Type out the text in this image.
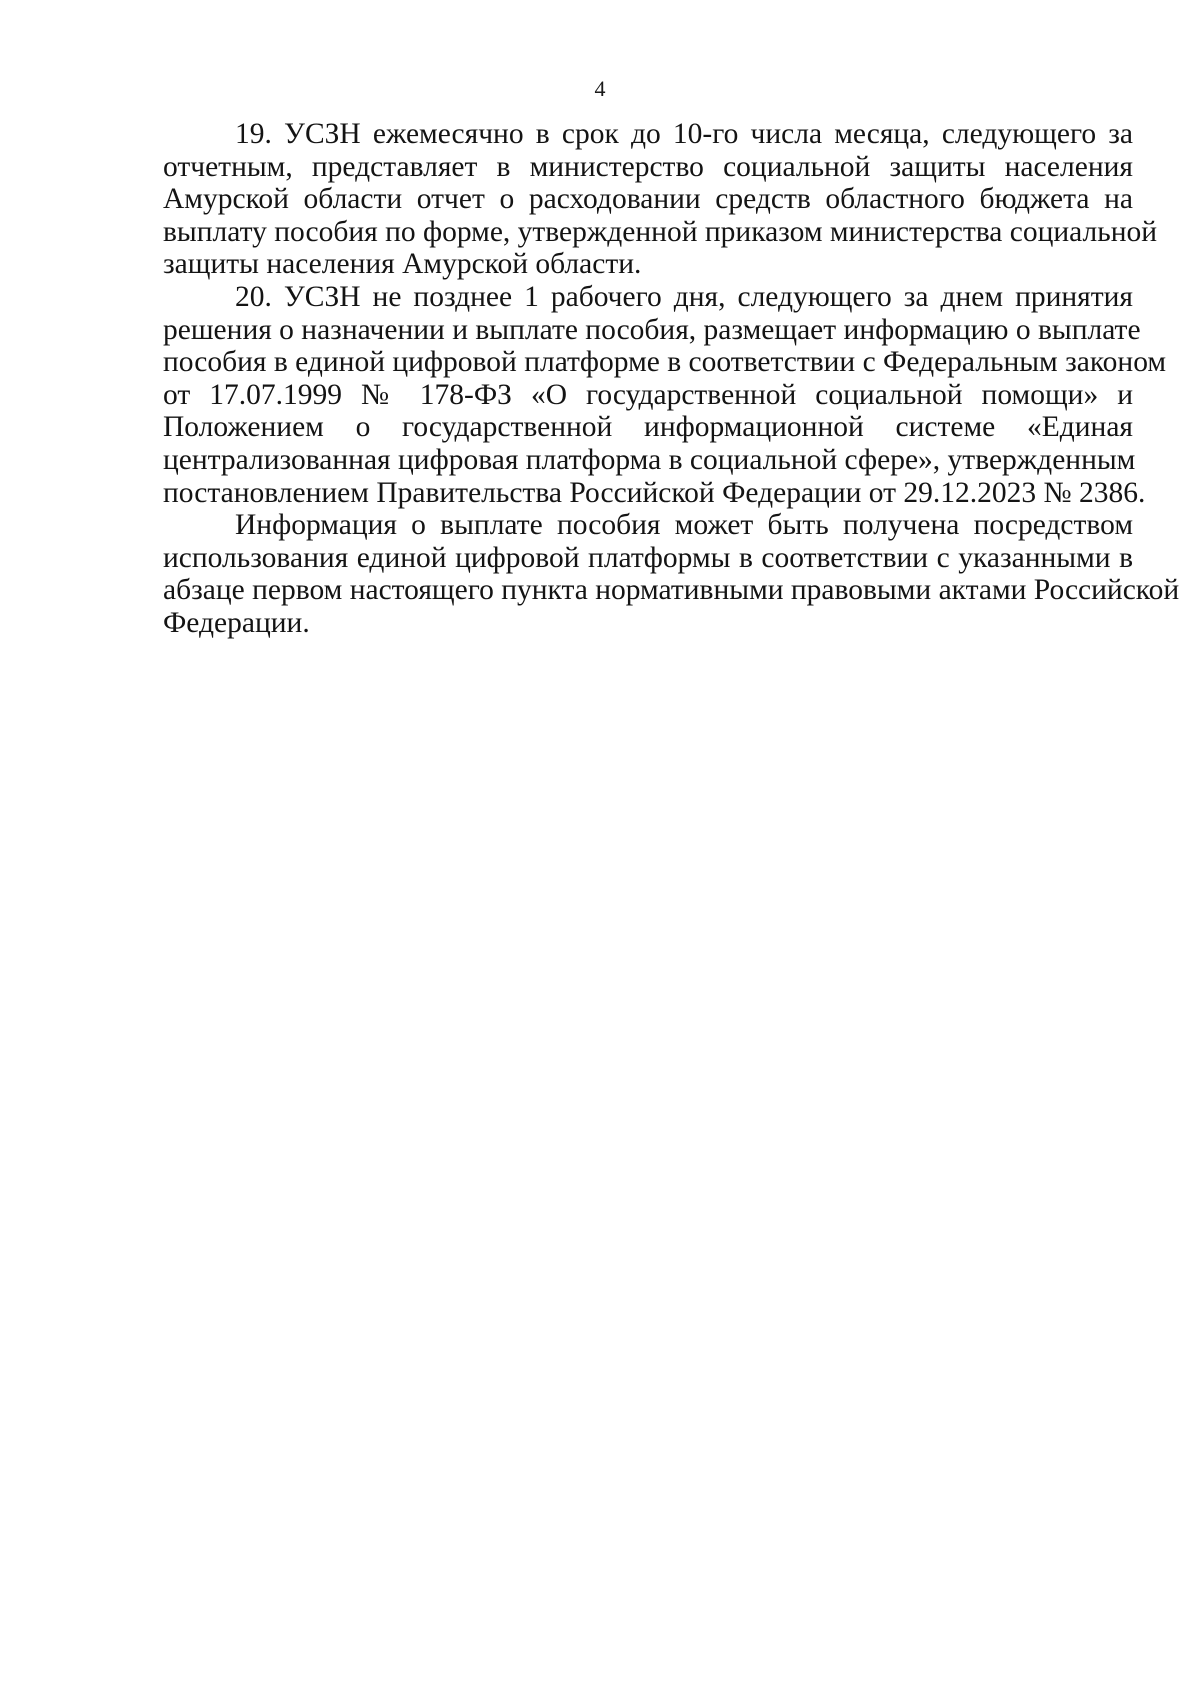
4

19. УСЗН ежемесячно в срок до 10-го числа месяца, следующего за
отчетным, представляет в министерство социальной защиты населения
Амурской области отчет о расходовании средств областного бюджета на
выплату пособия по форме, утвержденной приказом министерства социальной
защиты населения Амурской области.

20. УСЗН не позднее 1 рабочего дня, следующего за днем принятия
решения о назначении и выплате пособия, размещает информацию о выплате
пособия в единой цифровой платформе в соответствии с Федеральным законом
от 17.07.1999 № 178-ФЗ «О государственной социальной помощи» и
Положением о государственной информационной системе «Единая
централизованная цифровая платформа в социальной сфере», утвержденным
постановлением Правительства Российской Федерации от 29.12.2023 № 2386.

Информация о выплате пособия может быть получена посредством
использования единой цифровой платформы в соответствии с указанными в
абзаце первом настоящего пункта нормативными правовыми актами Российской
Федерации.
